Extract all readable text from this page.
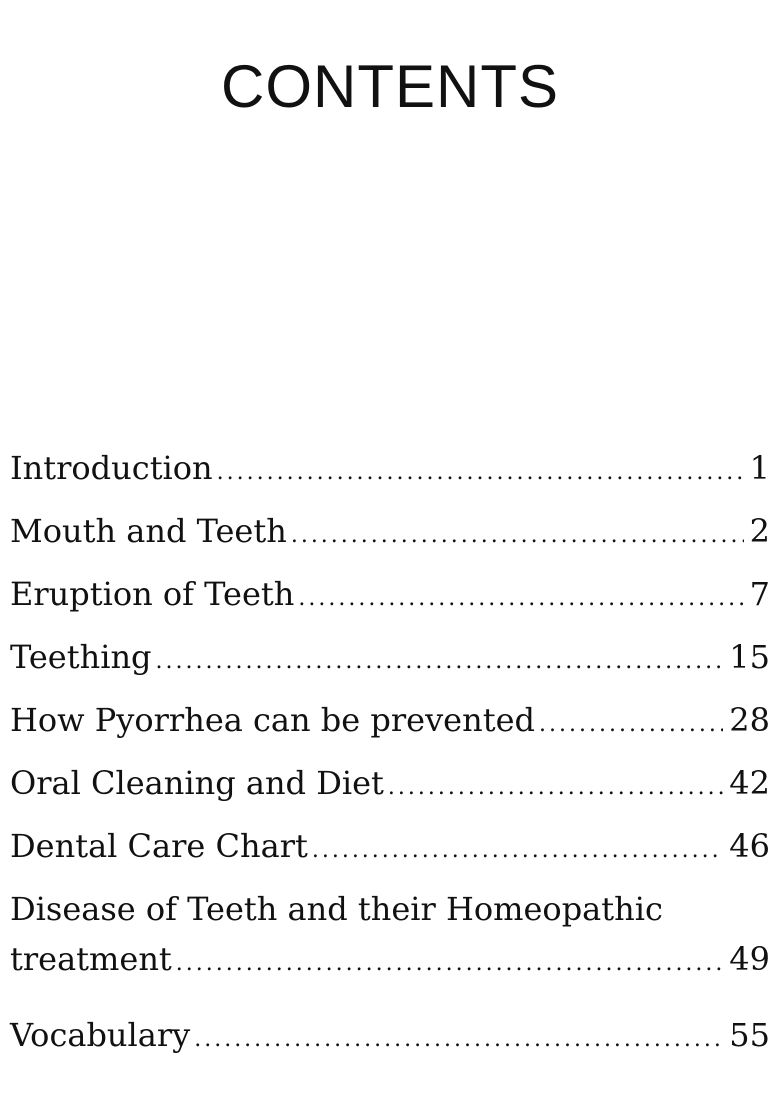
CONTENTS
Introduction .....	1
Mouth and Teeth .....	2
Eruption of Teeth .....	7
Teething .....	15
How Pyorrhea can be prevented .....	28
Oral Cleaning and Diet .....	42
Dental Care Chart .....	46
Disease of Teeth and their Homeopathic
treatment .....	49
Vocabulary .....	55
